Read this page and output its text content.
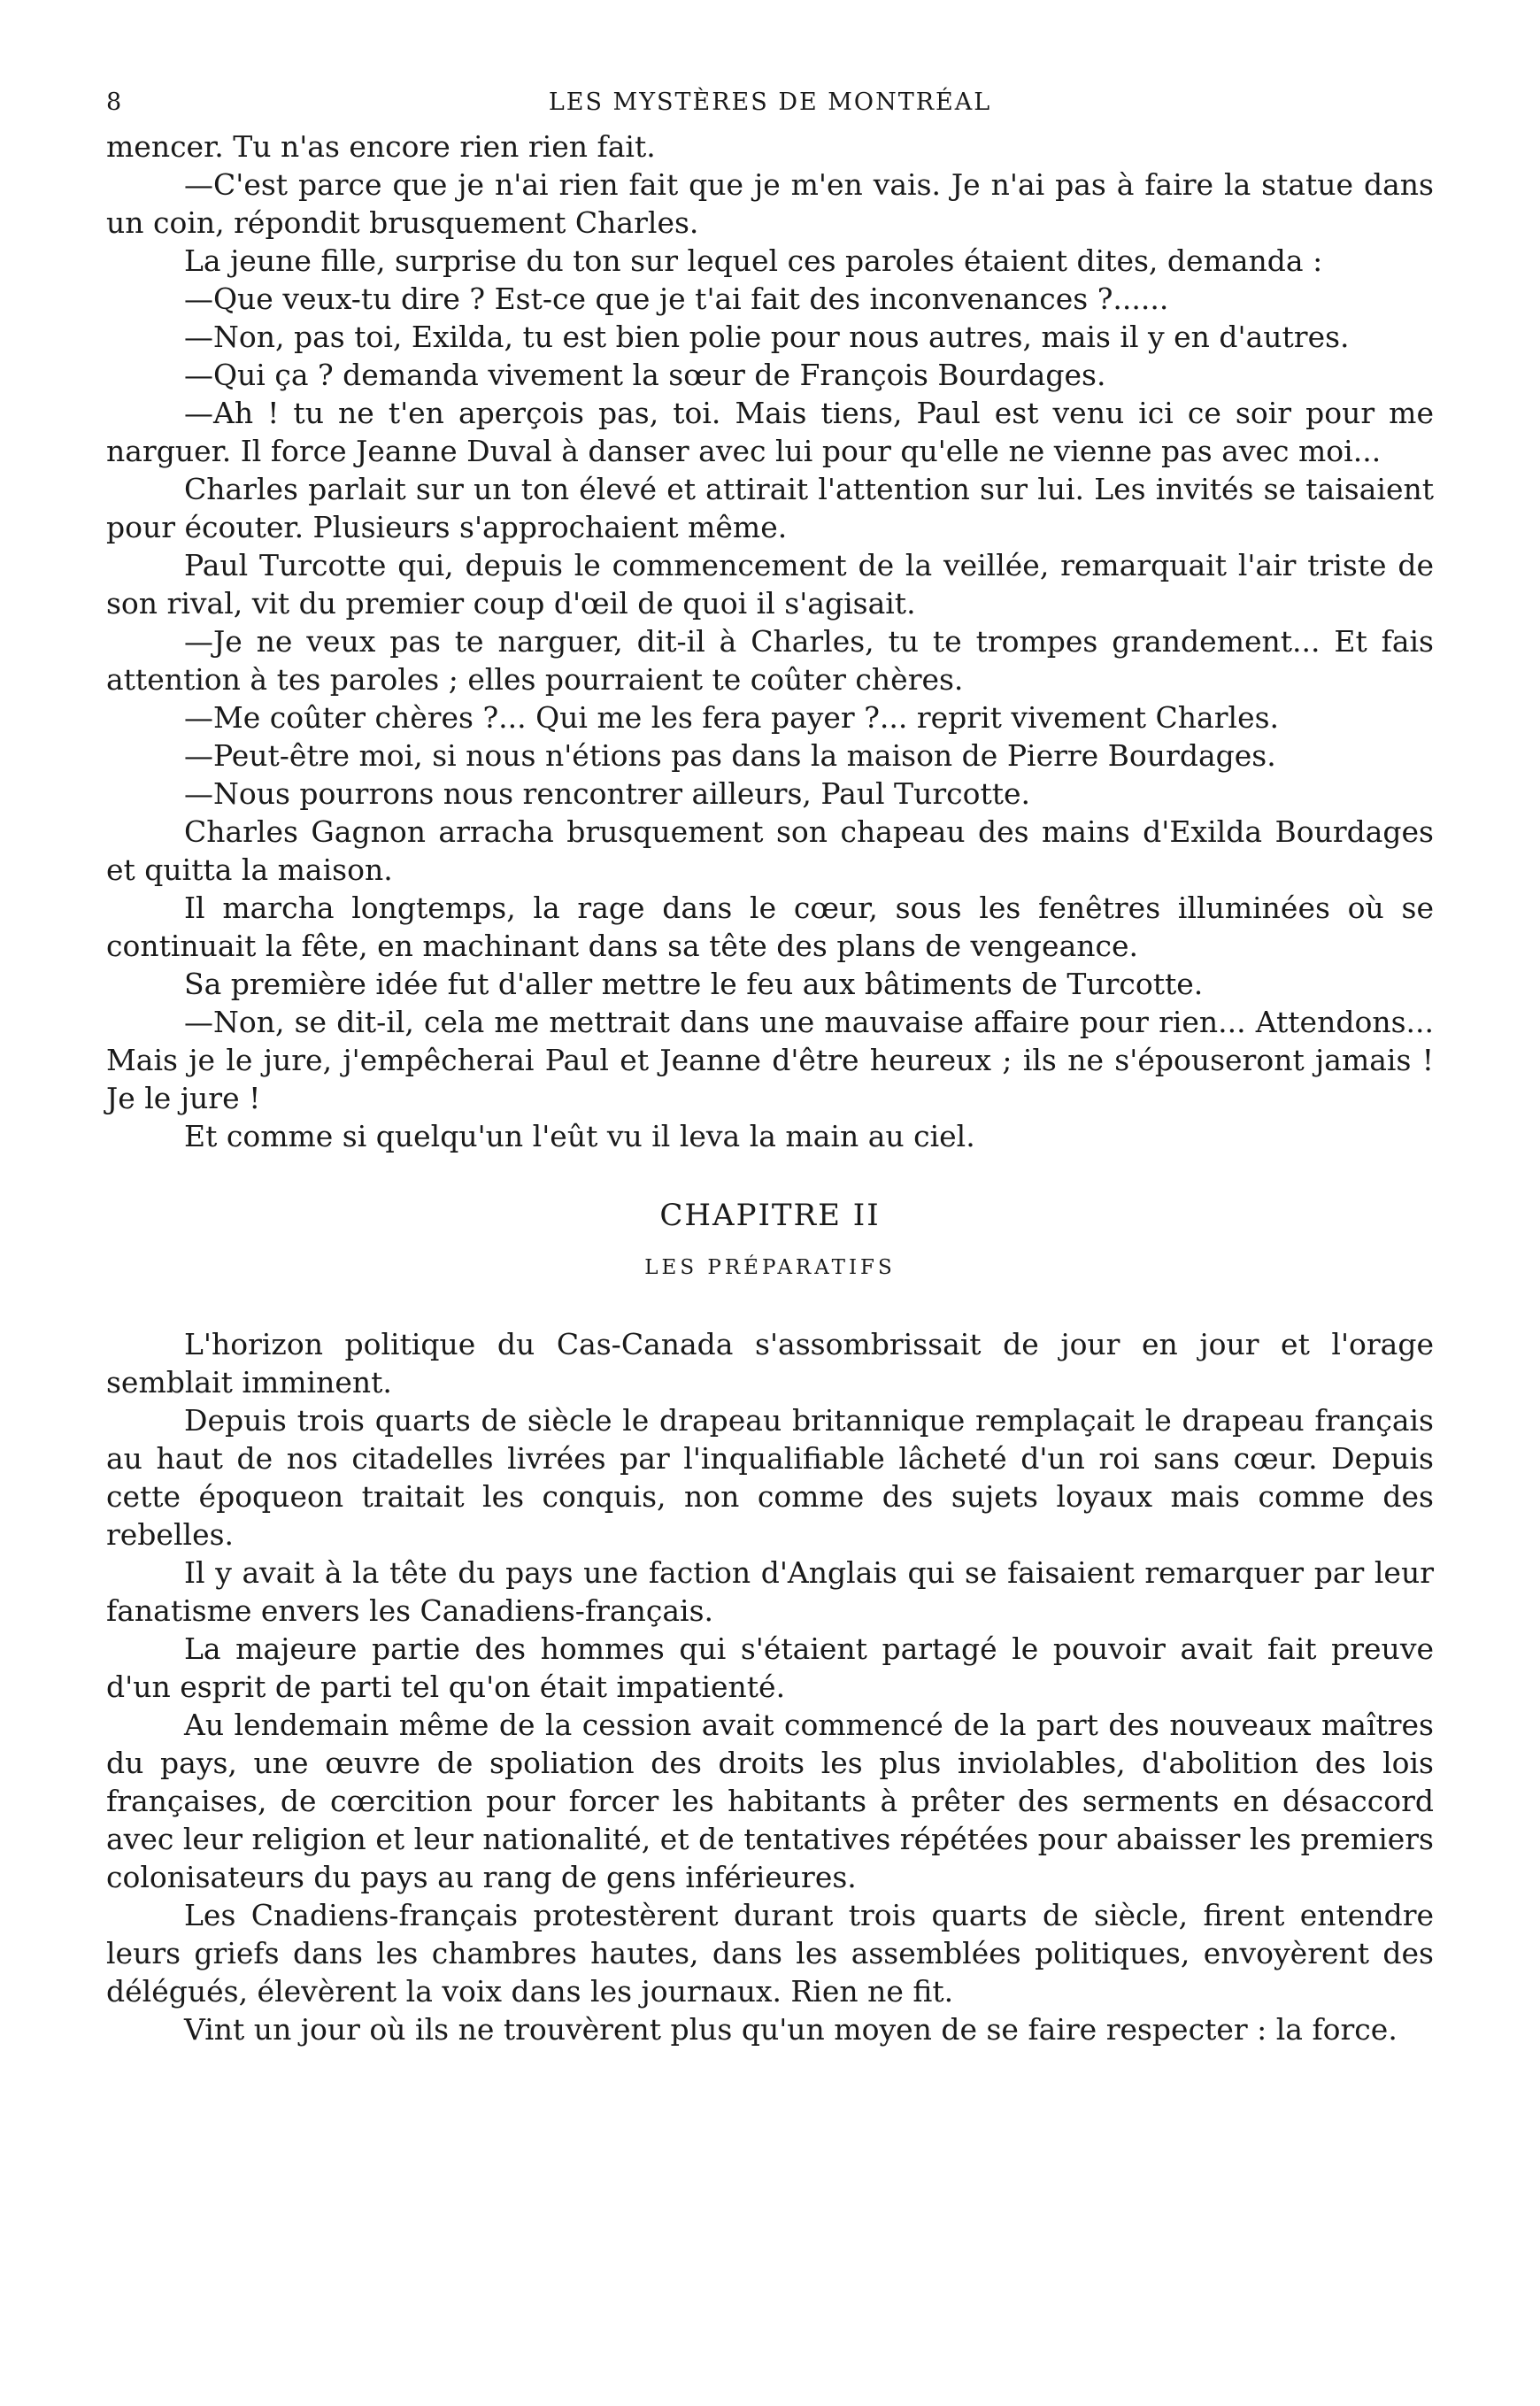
8	LES MYSTÈRES DE MONTRÉAL

mencer. Tu n'as encore rien rien fait.

—C'est parce que je n'ai rien fait que je m'en vais. Je n'ai pas à faire la statue dans un coin, répondit brusquement Charles.

La jeune fille, surprise du ton sur lequel ces paroles étaient dites, demanda :

—Que veux-tu dire ? Est-ce que je t'ai fait des inconvenances ?......

—Non, pas toi, Exilda, tu est bien polie pour nous autres, mais il y en d'autres.

—Qui ça ? demanda vivement la sœur de François Bourdages.

—Ah ! tu ne t'en aperçois pas, toi. Mais tiens, Paul est venu ici ce soir pour me narguer. Il force Jeanne Duval à danser avec lui pour qu'elle ne vienne pas avec moi...

Charles parlait sur un ton élevé et attirait l'attention sur lui. Les invités se taisaient pour écouter. Plusieurs s'approchaient même.

Paul Turcotte qui, depuis le commencement de la veillée, remarquait l'air triste de son rival, vit du premier coup d'œil de quoi il s'agisait.

—Je ne veux pas te narguer, dit-il à Charles, tu te trompes grandement... Et fais attention à tes paroles ; elles pourraient te coûter chères.

—Me coûter chères ?... Qui me les fera payer ?... reprit vivement Charles.

—Peut-être moi, si nous n'étions pas dans la maison de Pierre Bourdages.

—Nous pourrons nous rencontrer ailleurs, Paul Turcotte.

Charles Gagnon arracha brusquement son chapeau des mains d'Exilda Bourdages et quitta la maison.

Il marcha longtemps, la rage dans le cœur, sous les fenêtres illuminées où se continuait la fête, en machinant dans sa tête des plans de vengeance.

Sa première idée fut d'aller mettre le feu aux bâtiments de Turcotte.

—Non, se dit-il, cela me mettrait dans une mauvaise affaire pour rien... Attendons... Mais je le jure, j'empêcherai Paul et Jeanne d'être heureux ; ils ne s'épouseront jamais ! Je le jure !

Et comme si quelqu'un l'eût vu il leva la main au ciel.

CHAPITRE II
LES PRÉPARATIFS

L'horizon politique du Cas-Canada s'assombrissait de jour en jour et l'orage semblait imminent.

Depuis trois quarts de siècle le drapeau britannique remplaçait le drapeau français au haut de nos citadelles livrées par l'inqualifiable lâcheté d'un roi sans cœur. Depuis cette époqueon traitait les conquis, non comme des sujets loyaux mais comme des rebelles.

Il y avait à la tête du pays une faction d'Anglais qui se faisaient remarquer par leur fanatisme envers les Canadiens-français.

La majeure partie des hommes qui s'étaient partagé le pouvoir avait fait preuve d'un esprit de parti tel qu'on était impatienté.

Au lendemain même de la cession avait commencé de la part des nouveaux maîtres du pays, une œuvre de spoliation des droits les plus inviolables, d'abolition des lois françaises, de cœrcition pour forcer les habitants à prêter des serments en désaccord avec leur religion et leur nationalité, et de tentatives répétées pour abaisser les premiers colonisateurs du pays au rang de gens inférieures.

Les Cnadiens-français protestèrent durant trois quarts de siècle, firent entendre leurs griefs dans les chambres hautes, dans les assemblées politiques, envoyèrent des délégués, élevèrent la voix dans les journaux. Rien ne fit.

Vint un jour où ils ne trouvèrent plus qu'un moyen de se faire respecter : la force.
